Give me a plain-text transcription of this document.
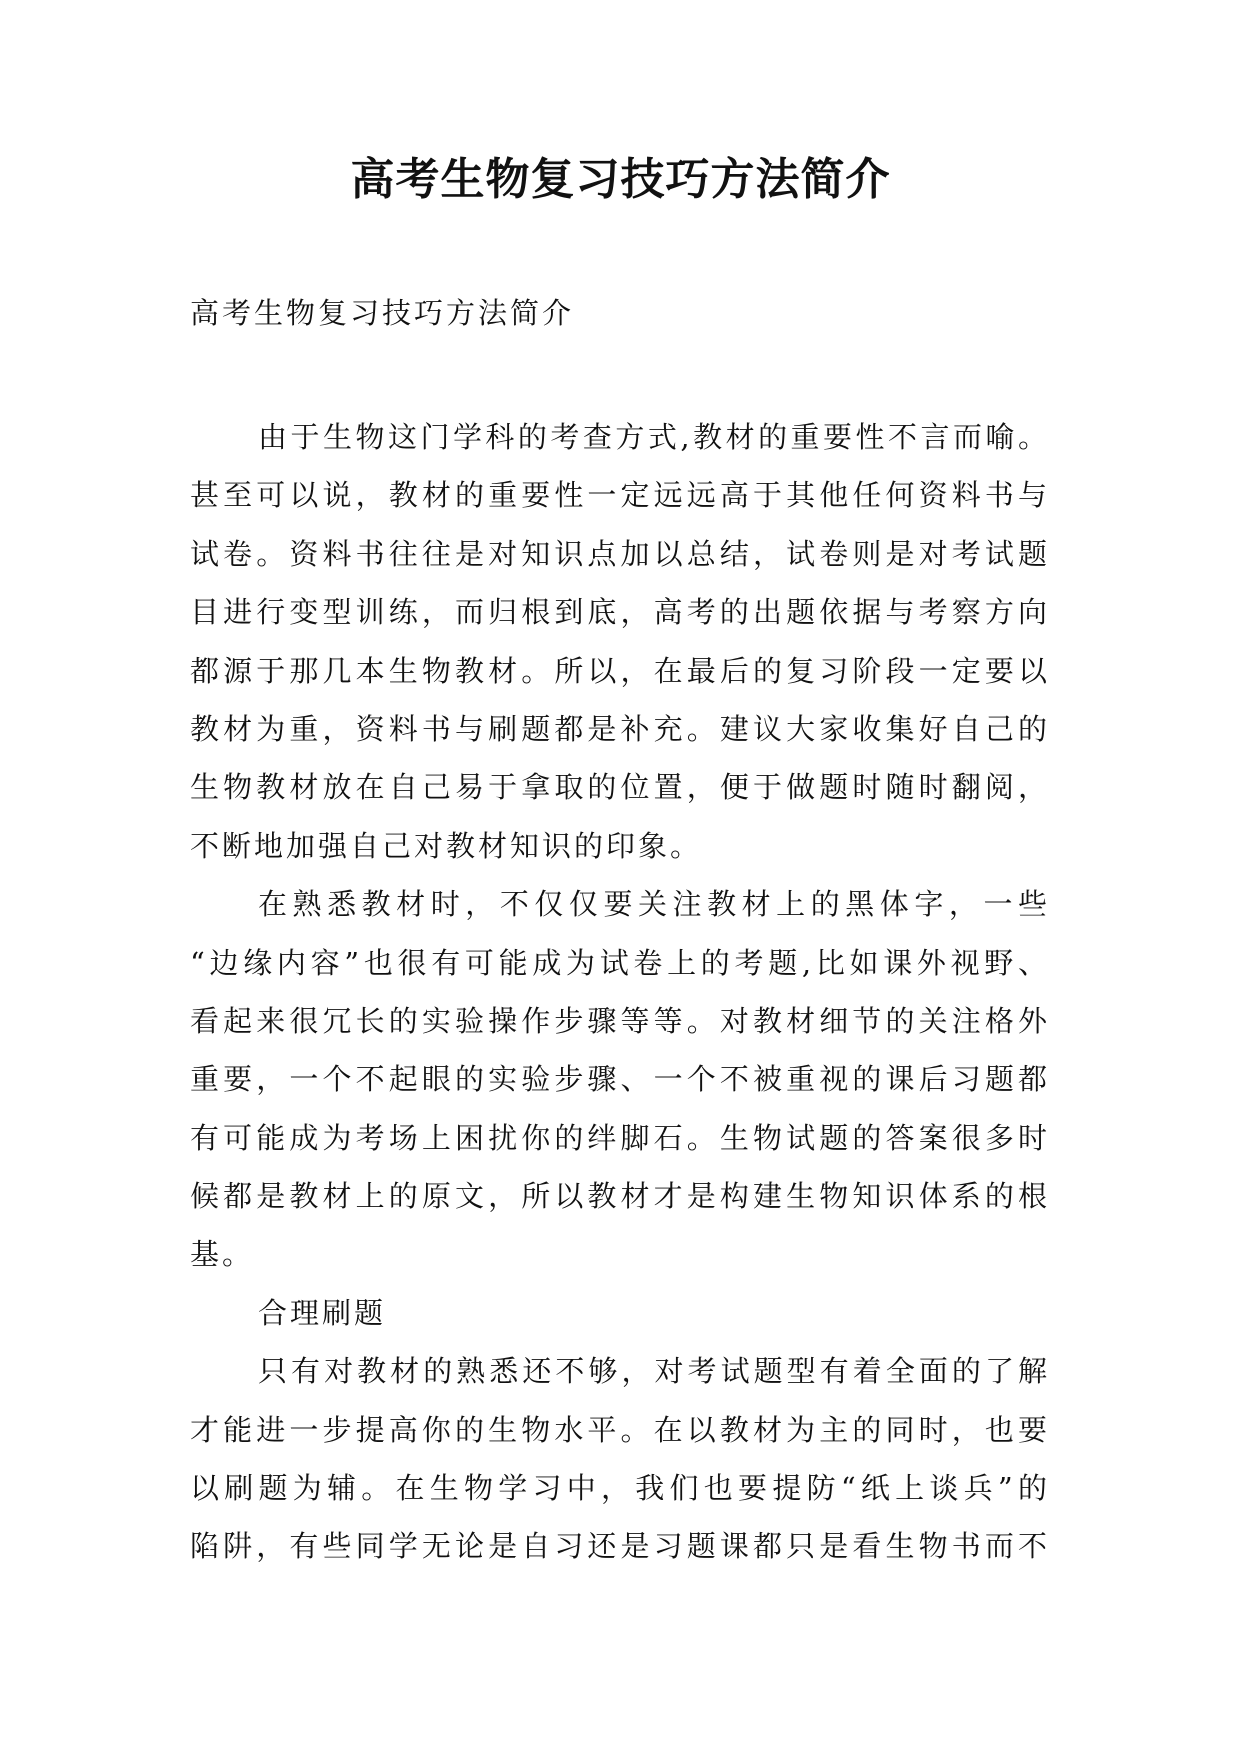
高考生物复习技巧方法简介
高考生物复习技巧方法简介
由于生物这门学科的考查方式,教材的重要性不言而喻。
甚至可以说，教材的重要性一定远远高于其他任何资料书与
试卷。资料书往往是对知识点加以总结，试卷则是对考试题
目进行变型训练，而归根到底，高考的出题依据与考察方向
都源于那几本生物教材。所以，在最后的复习阶段一定要以
教材为重，资料书与刷题都是补充。建议大家收集好自己的
生物教材放在自己易于拿取的位置，便于做题时随时翻阅，
不断地加强自己对教材知识的印象。
在熟悉教材时，不仅仅要关注教材上的黑体字，一些
“边缘内容”也很有可能成为试卷上的考题,比如课外视野、
看起来很冗长的实验操作步骤等等。对教材细节的关注格外
重要，一个不起眼的实验步骤、一个不被重视的课后习题都
有可能成为考场上困扰你的绊脚石。生物试题的答案很多时
候都是教材上的原文，所以教材才是构建生物知识体系的根
基。
合理刷题
只有对教材的熟悉还不够，对考试题型有着全面的了解
才能进一步提高你的生物水平。在以教材为主的同时，也要
以刷题为辅。在生物学习中，我们也要提防“纸上谈兵”的
陷阱，有些同学无论是自习还是习题课都只是看生物书而不
